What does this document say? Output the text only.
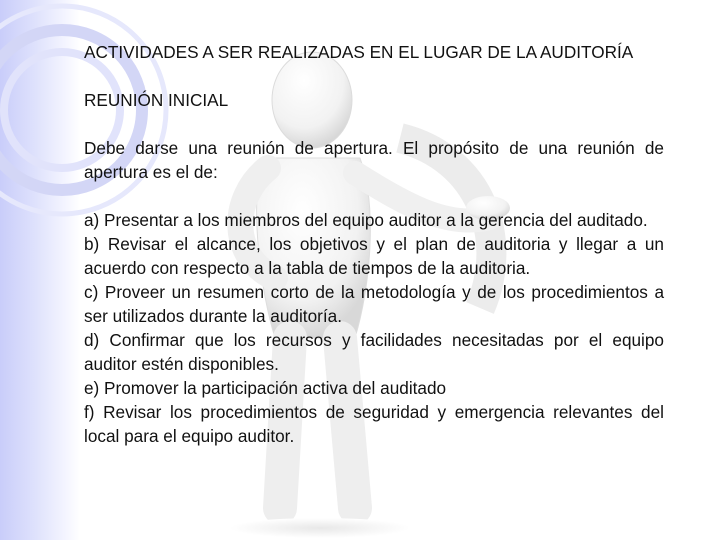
ACTIVIDADES A SER REALIZADAS EN EL LUGAR DE LA AUDITORÍA

REUNIÓN INICIAL

Debe darse una reunión de apertura. El propósito de una reunión de apertura es el de:

a) Presentar a los miembros del equipo auditor a la gerencia del auditado.

b) Revisar el alcance, los objetivos y el plan de auditoria y llegar a un acuerdo con respecto a la tabla de tiempos de la auditoria.

c) Proveer un resumen corto de la metodología y de los procedimientos a ser utilizados durante la auditoría.

d) Confirmar que los recursos y facilidades necesitadas por el equipo auditor estén disponibles.

e) Promover la participación activa del auditado

f) Revisar los procedimientos de seguridad y emergencia relevantes del local para el equipo auditor.
